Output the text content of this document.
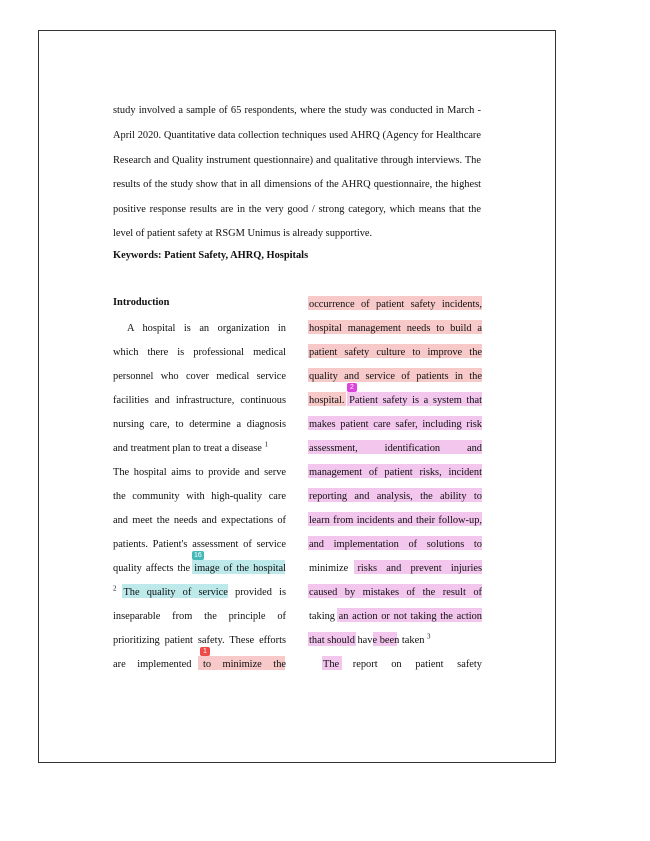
study involved a sample of 65 respondents, where the study was conducted in March -
April 2020. Quantitative data collection techniques used AHRQ (Agency for Healthcare
Research and Quality instrument questionnaire) and qualitative through interviews. The
results of the study show that in all dimensions of the AHRQ questionnaire, the highest
positive response results are in the very good / strong category, which means that the
level of patient safety at RSGM Unimus is already supportive.
Keywords: Patient Safety, AHRQ, Hospitals
Introduction
A hospital is an organization in
which there is professional medical
personnel who cover medical service
facilities and infrastructure, continuous
nursing care, to determine a diagnosis
and treatment plan to treat a disease $^1$
The hospital aims to provide and serve
the community with high-quality care
and meet the needs and expectations of
patients. Patient's assessment of service
quality affects the image of the hospital
$^2$ The quality of service provided is
inseparable from the principle of
prioritizing patient safety. These efforts
are implemented to minimize the
occurrence of patient safety incidents,
hospital management needs to build a
patient safety culture to improve the
quality and service of patients in the
hospital. Patient safety is a system that
makes patient care safer, including risk
assessment, identification and
management of patient risks, incident
reporting and analysis, the ability to
learn from incidents and their follow-up,
and implementation of solutions to
minimize risks and prevent injuries
caused by mistakes of the result of
taking an action or not taking the action
that should have been taken $^3$
The report on patient safety
2
16
1
